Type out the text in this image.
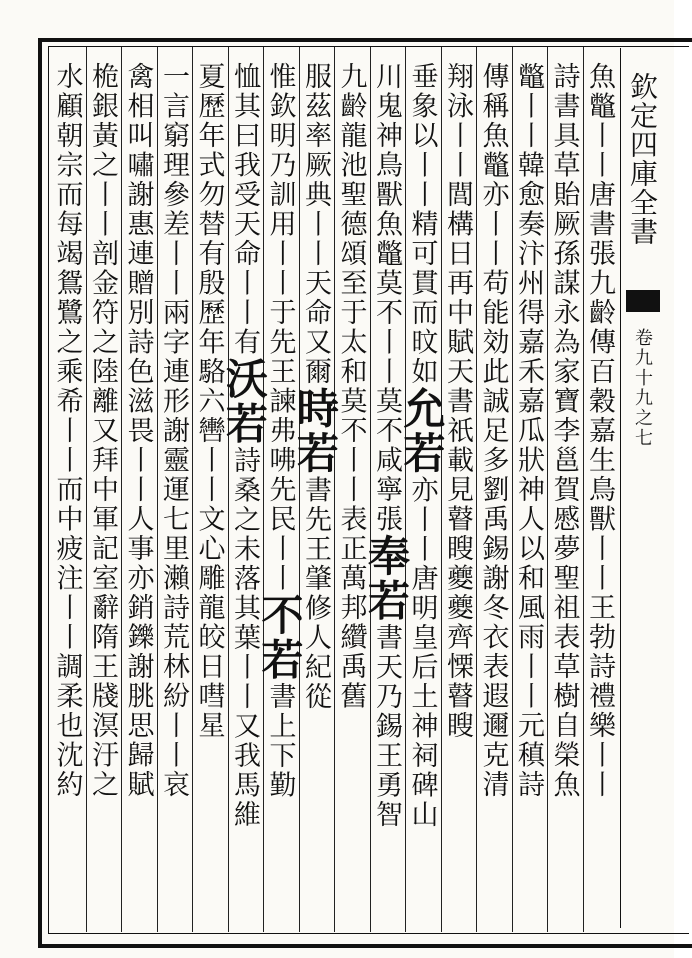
欽定四庫全書
卷九十九之七
魚鼈丨丨唐書張九齡傳百穀嘉生鳥獸丨丨王勃詩禮樂丨丨
詩書具草貽厥孫謀永為家寶李邕賀慼夢聖祖表草樹自榮魚
鼈丨丨韓愈奏汴州得嘉禾嘉瓜狀神人以和風雨丨丨元稹詩
傳稱魚鼈亦丨丨苟能効此誠足多劉禹錫謝冬衣表遐邇克清
翔泳丨丨閭構日再中賦天書祇載見瞽瞍夔夔齊慄瞽瞍
垂象以丨丨精可貫而旼如允若亦丨丨唐明皇后土神祠碑山
川鬼神鳥獸魚鼈莫不丨丨莫不咸寧張奉若書天乃錫王勇智
九齡龍池聖德頌至于太和莫不丨丨表正萬邦纘禹舊
服茲率厥典丨丨天命又爾時若書先王肇修人紀從
惟欽明乃訓用丨丨于先王諫弗咈先民丨丨不若書上下勤
恤其曰我受天命丨丨有沃若詩桑之未落其葉丨丨又我馬維
夏歷年式勿替有殷歷年駱六轡丨丨文心雕龍皎日嘒星
一言窮理參差丨丨兩字連形謝靈運七里瀨詩荒林紛丨丨哀
禽相叫嘯謝惠連贈別詩色滋畏丨丨人事亦銷鑠謝朓思歸賦
桅銀黃之丨丨剖金符之陸離又拜中軍記室辭隋王牋溟汙之
水顧朝宗而每竭鴛鷺之乘希丨丨而中疲注丨丨調柔也沈約
